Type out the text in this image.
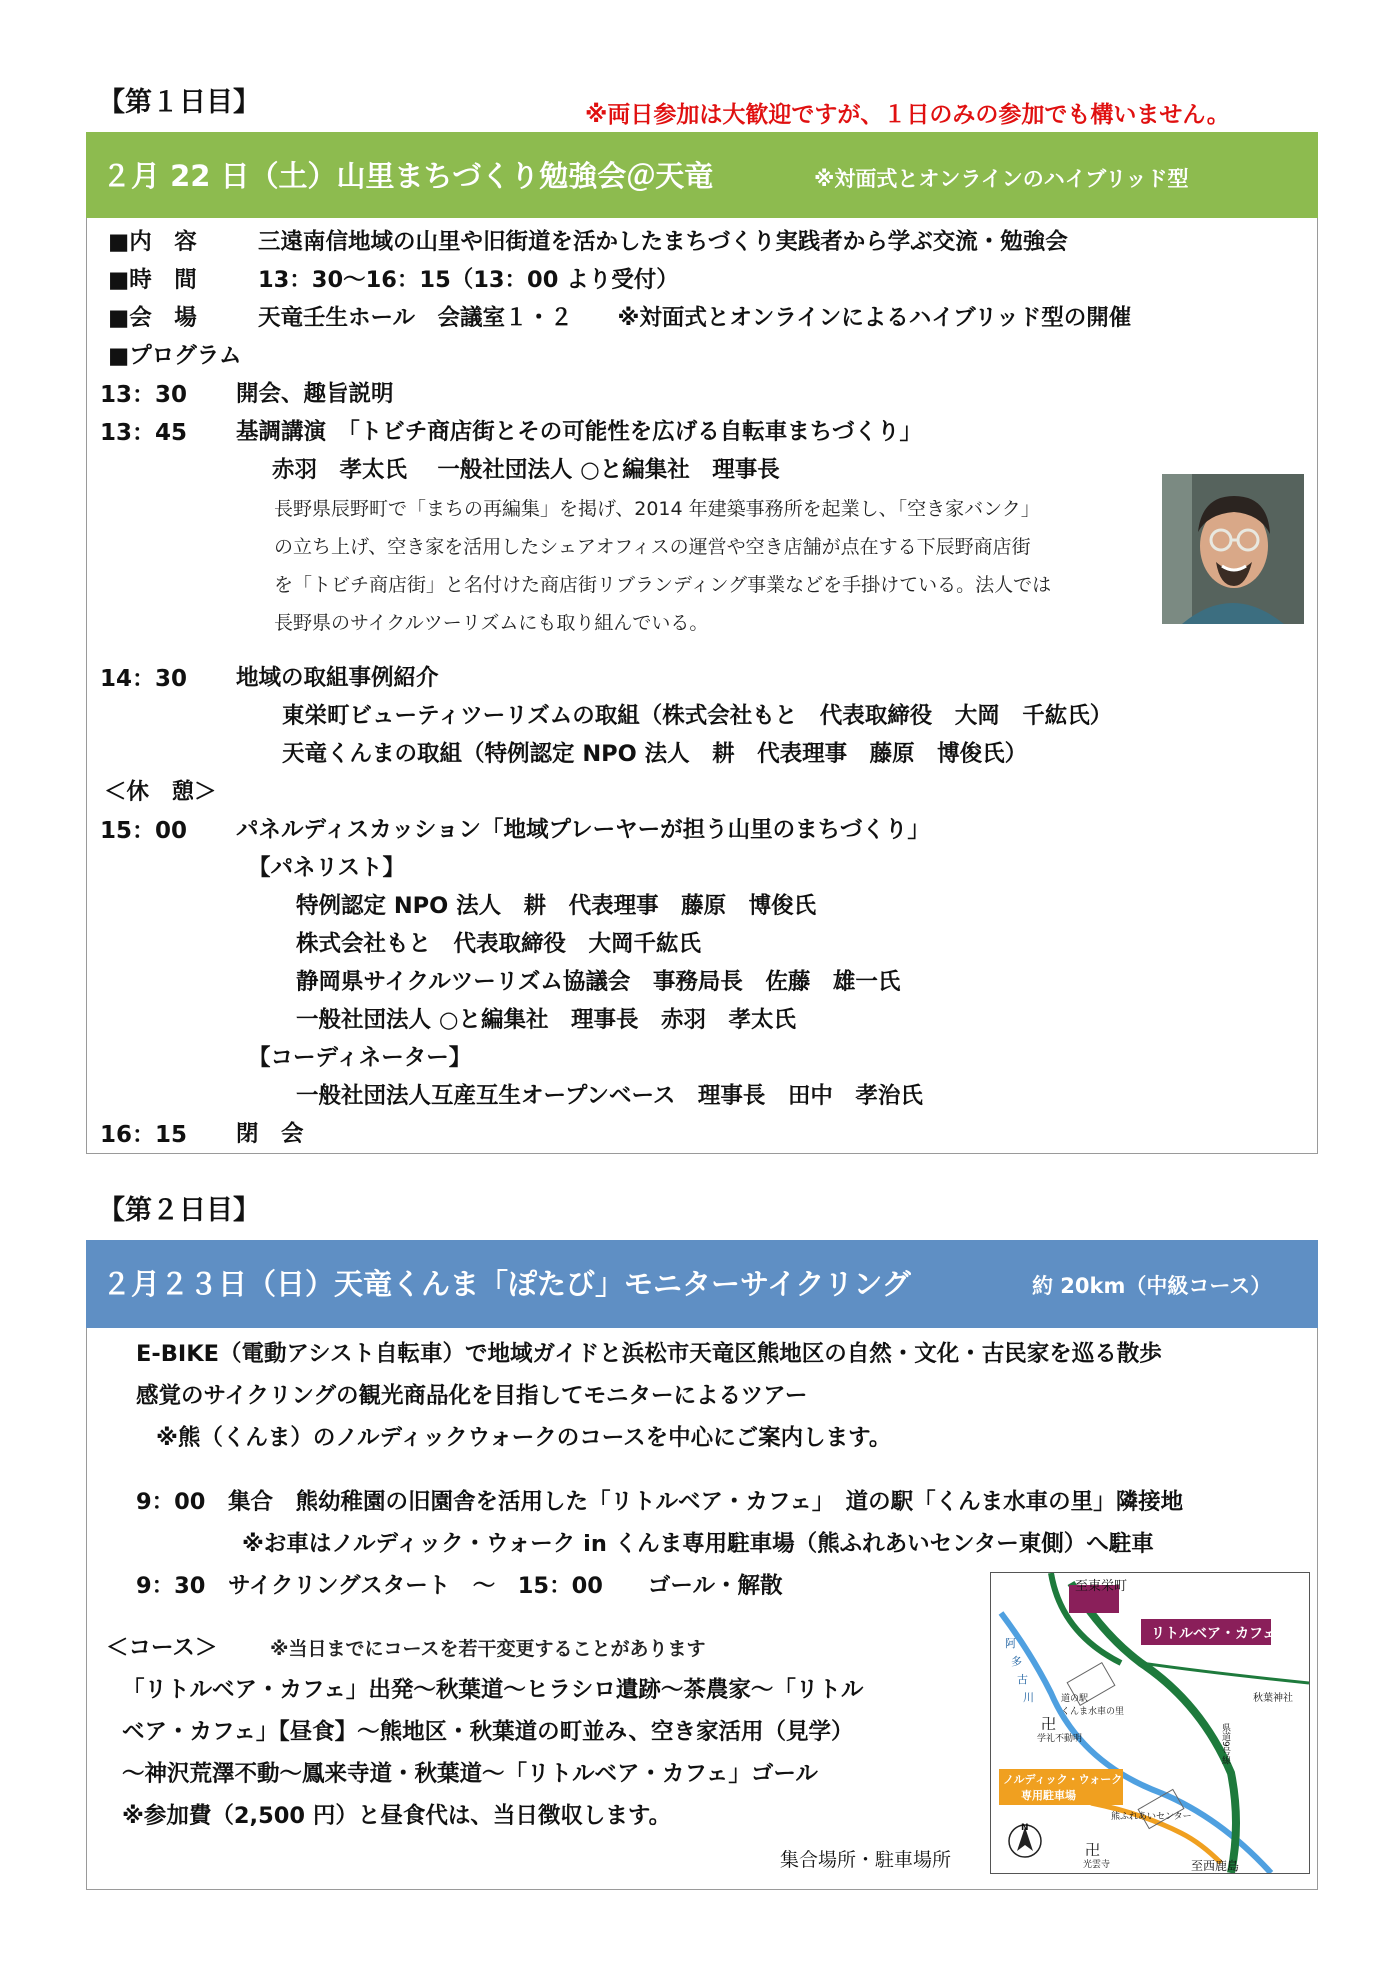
【第１日目】	※両日参加は大歓迎ですが、１日のみの参加でも構いません。
２月 22 日（土）山里まちづくり勉強会＠天竜	※対面式とオンラインのハイブリッド型
■内　容	三遠南信地域の山里や旧街道を活かしたまちづくり実践者から学ぶ交流・勉強会
■時　間	13：30～16：15（13：00 より受付）
■会　場	天竜壬生ホール　会議室１・２　　※対面式とオンラインによるハイブリッド型の開催
■プログラム
13：30 開会、趣旨説明
13：45 基調講演　「トビチ商店街とその可能性を広げる自転車まちづくり」
赤羽　孝太氏　 一般社団法人 ○と編集社　理事長
長野県辰野町で「まちの再編集」を掲げ、2014 年建築事務所を起業し、「空き家バンク」
の立ち上げ、空き家を活用したシェアオフィスの運営や空き店舗が点在する下辰野商店街
を「トビチ商店街」と名付けた商店街リブランディング事業などを手掛けている。法人では
長野県のサイクルツーリズムにも取り組んでいる。
14：30 地域の取組事例紹介
東栄町ビューティツーリズムの取組（株式会社もと　代表取締役　大岡　千紘氏）
天竜くんまの取組（特例認定 NPO 法人　耕　代表理事　藤原　博俊氏）
＜休　憩＞
15：00 パネルディスカッション「地域プレーヤーが担う山里のまちづくり」
【パネリスト】
特例認定 NPO 法人　耕　代表理事　藤原　博俊氏
株式会社もと　代表取締役　大岡千紘氏
静岡県サイクルツーリズム協議会　事務局長　佐藤　雄一氏
一般社団法人 ○と編集社　理事長　赤羽　孝太氏
【コーディネーター】
一般社団法人互産互生オープンベース　理事長　田中　孝治氏
16：15 閉　会
【第２日目】
２月２３日（日）天竜くんま「ぽたび」モニターサイクリング	約 20km（中級コース）
E-BIKE（電動アシスト自転車）で地域ガイドと浜松市天竜区熊地区の自然・文化・古民家を巡る散歩
感覚のサイクリングの観光商品化を目指してモニターによるツアー
※熊（くんま）のノルディックウォークのコースを中心にご案内します。
9：00　集合　熊幼稚園の旧園舎を活用した「リトルベア・カフェ」　道の駅「くんま水車の里」隣接地
※お車はノルディック・ウォーク in くんま専用駐車場（熊ふれあいセンター東側）へ駐車
9：30　サイクリングスタート　～　15：00　　ゴール・解散
＜コース＞	※当日までにコースを若干変更することがあります
「リトルベア・カフェ」出発～秋葉道～ヒラシロ遺跡～茶農家～「リトル
ベア・カフェ」【昼食】～熊地区・秋葉道の町並み、空き家活用（見学）
～神沢荒澤不動～鳳来寺道・秋葉道～「リトルベア・カフェ」ゴール
※参加費（2,500 円）と昼食代は、当日徴収します。
至東栄町
リトルベア・カフェ
道の駅
くんま水車の里
秋葉神社
卍
学礼不動明	県道9号線
ノルディック・ウォーク
専用駐車場
熊ふれあいセンター
卍
光雲寺	至西鹿島
N
阿
多
古
川
集合場所・駐車場所
